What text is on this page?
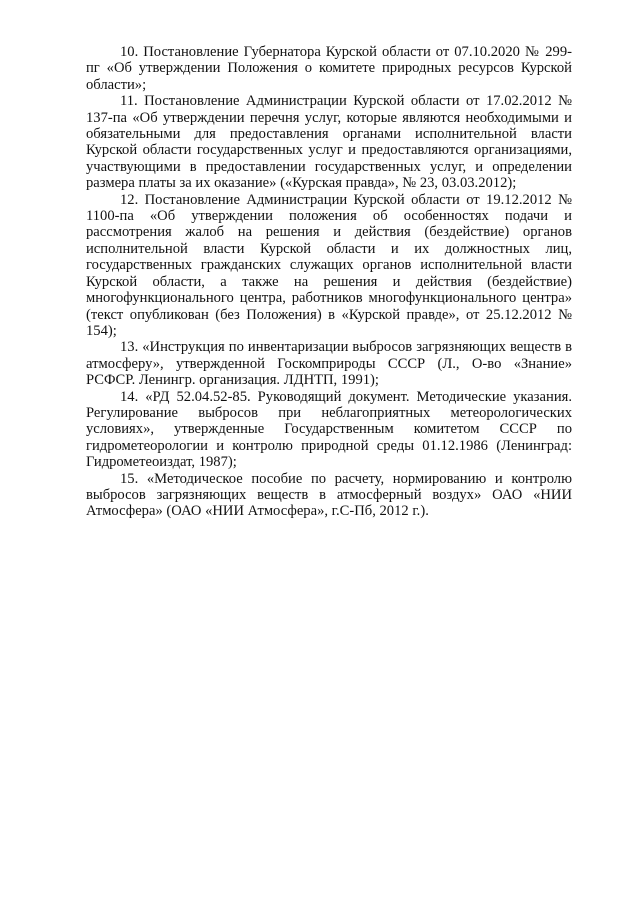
10. Постановление Губернатора Курской области от 07.10.2020 № 299-пг «Об утверждении Положения о комитете природных ресурсов Курской области»;

11. Постановление Администрации Курской области от 17.02.2012 № 137-па «Об утверждении перечня услуг, которые являются необходимыми и обязательными для предоставления органами исполнительной власти Курской области государственных услуг и предоставляются организациями, участвующими в предоставлении государственных услуг, и определении размера платы за их оказание» («Курская правда», № 23, 03.03.2012);

12. Постановление Администрации Курской области от 19.12.2012 № 1100-па «Об утверждении положения об особенностях подачи и рассмотрения жалоб на решения и действия (бездействие) органов исполнительной власти Курской области и их должностных лиц, государственных гражданских служащих органов исполнительной власти Курской области, а также на решения и действия (бездействие) многофункционального центра, работников многофункционального центра» (текст опубликован (без Положения) в «Курской правде», от 25.12.2012 № 154);

13. «Инструкция по инвентаризации выбросов загрязняющих веществ в атмосферу», утвержденной Госкомприроды СССР (Л., О-во «Знание» РСФСР. Ленингр. организация. ЛДНТП, 1991);

14. «РД 52.04.52-85. Руководящий документ. Методические указания. Регулирование выбросов при неблагоприятных метеорологических условиях», утвержденные Государственным комитетом СССР по гидрометеорологии и контролю природной среды 01.12.1986 (Ленинград: Гидрометеоиздат, 1987);

15. «Методическое пособие по расчету, нормированию и контролю выбросов загрязняющих веществ в атмосферный воздух» ОАО «НИИ Атмосфера» (ОАО «НИИ Атмосфера», г.С-Пб, 2012 г.).
